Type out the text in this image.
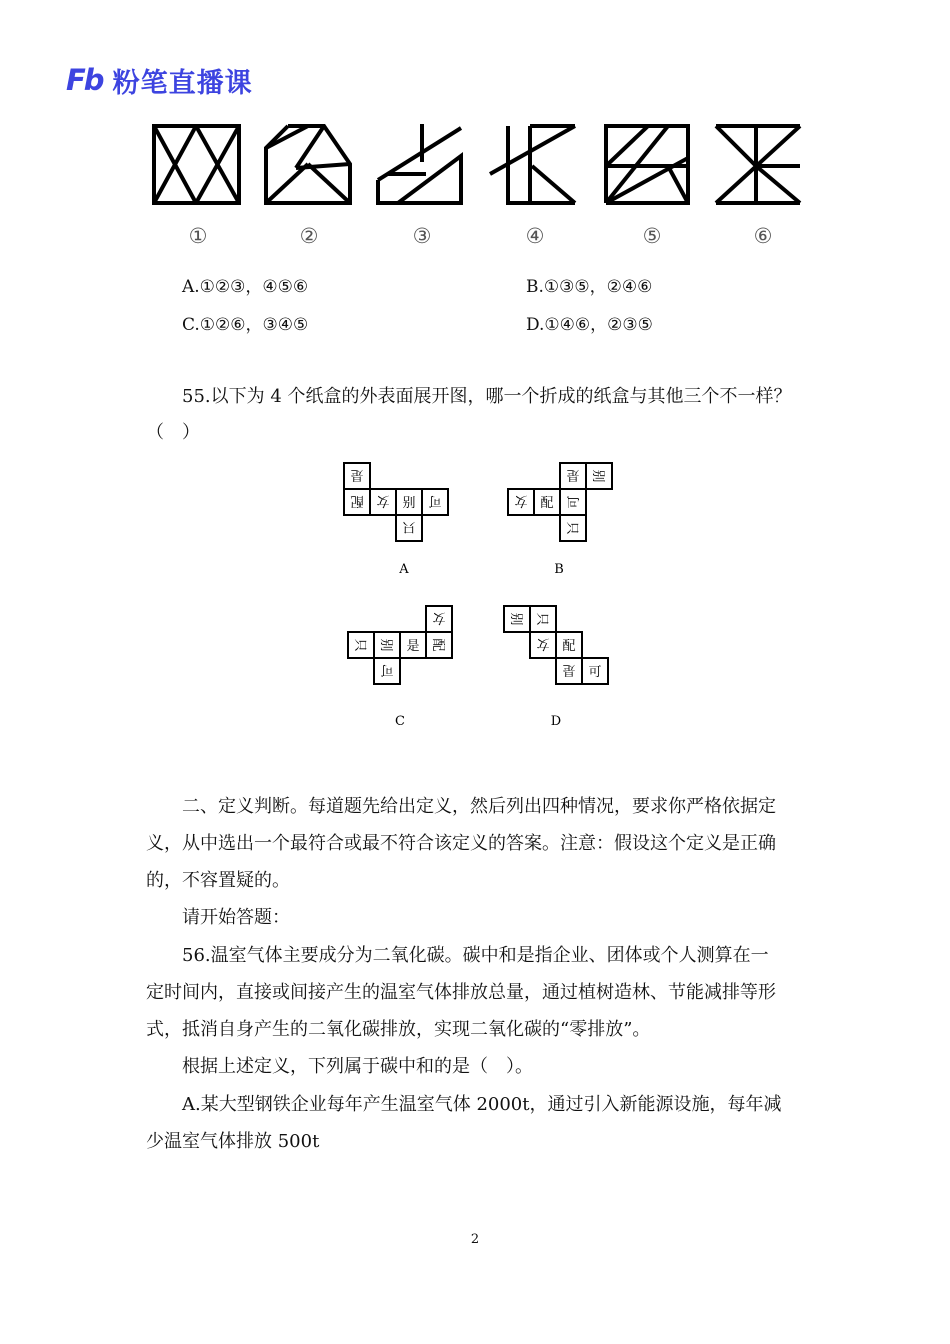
Fb 粉笔直播课
①	②	③	④	⑤	⑥
A.①②③，④⑤⑥	B.①③⑤，②④⑥
C.①②⑥，③④⑤	D.①④⑥，②③⑤
55.以下为 4 个纸盒的外表面展开图，哪一个折成的纸盒与其他三个不一样？
（　）
是
配 女 别 可
只
是 别
女 配 可
只
女
只 别 是 配
可
别 只
女 配
是 可
A	B
C	D
二、定义判断。每道题先给出定义，然后列出四种情况，要求你严格依据定
义，从中选出一个最符合或最不符合该定义的答案。注意：假设这个定义是正确
的，不容置疑的。
请开始答题：
56.温室气体主要成分为二氧化碳。碳中和是指企业、团体或个人测算在一
定时间内，直接或间接产生的温室气体排放总量，通过植树造林、节能减排等形
式，抵消自身产生的二氧化碳排放，实现二氧化碳的“零排放”。
根据上述定义，下列属于碳中和的是（　）。
A.某大型钢铁企业每年产生温室气体 2000t，通过引入新能源设施，每年减
少温室气体排放 500t
2
